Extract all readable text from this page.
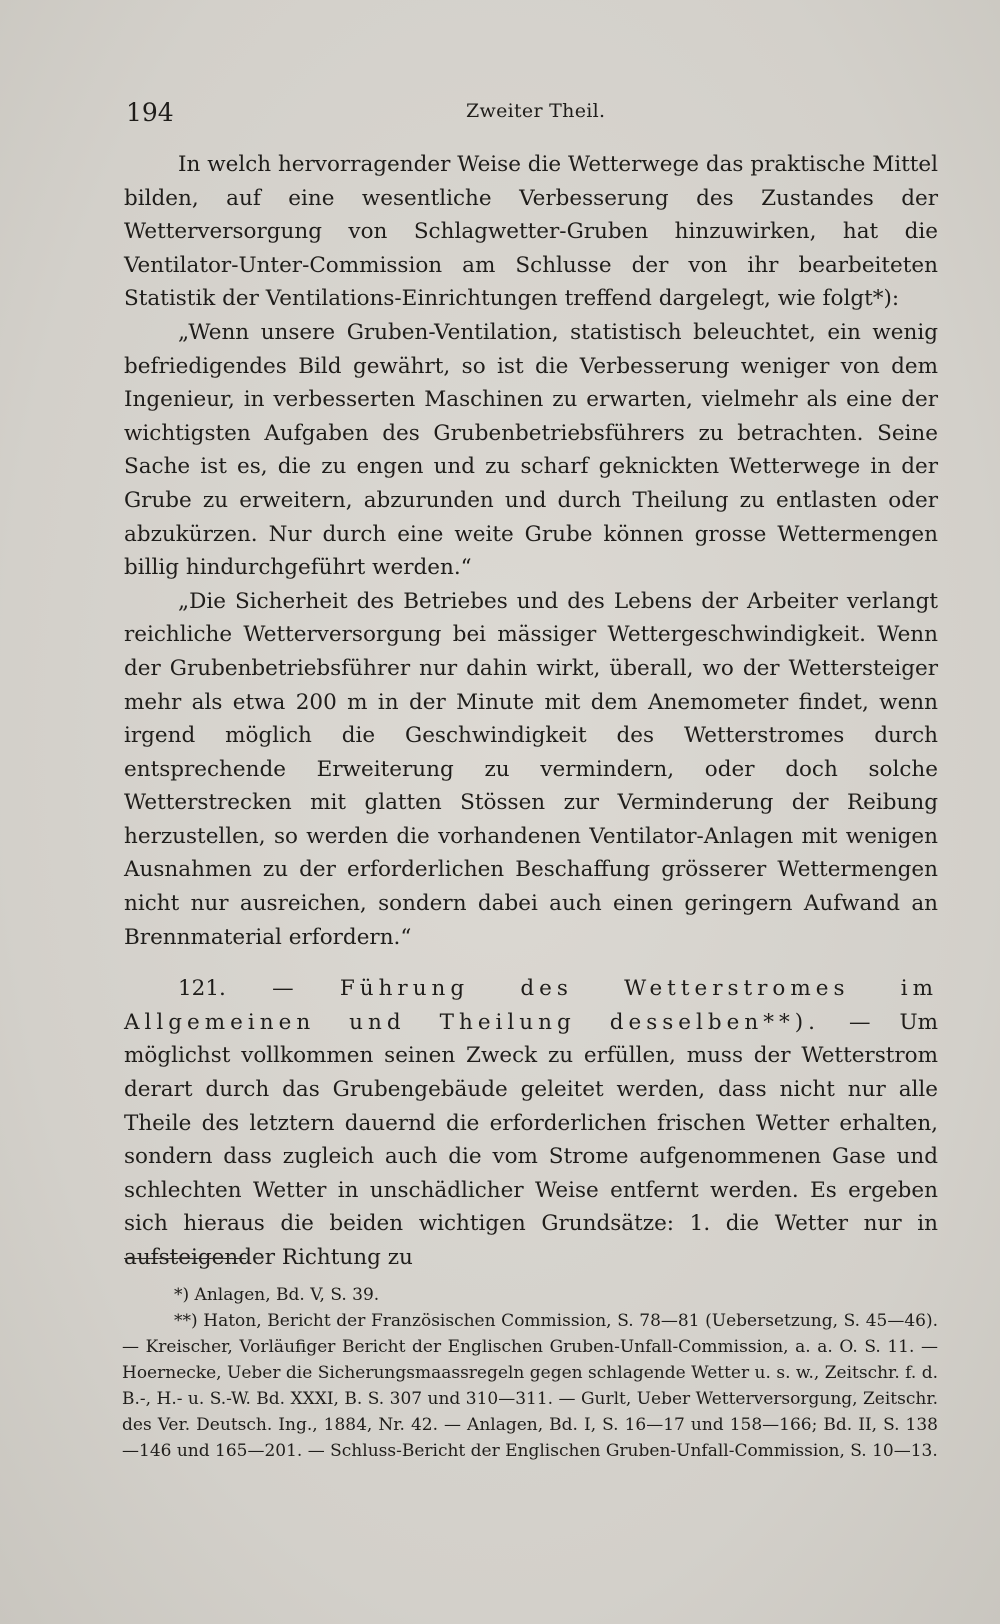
194	Zweiter Theil.

In welch hervorragender Weise die Wetterwege das praktische Mittel bilden, auf eine wesentliche Verbesserung des Zustandes der Wetterversorgung von Schlagwetter-Gruben hinzuwirken, hat die Ventilator-Unter-Commission am Schlusse der von ihr bearbeiteten Statistik der Ventilations-Einrichtungen treffend dargelegt, wie folgt*):

„Wenn unsere Gruben-Ventilation, statistisch beleuchtet, ein wenig befriedigendes Bild gewährt, so ist die Verbesserung weniger von dem Ingenieur, in verbesserten Maschinen zu erwarten, vielmehr als eine der wichtigsten Aufgaben des Grubenbetriebsführers zu betrachten. Seine Sache ist es, die zu engen und zu scharf geknickten Wetterwege in der Grube zu erweitern, abzurunden und durch Theilung zu entlasten oder abzukürzen. Nur durch eine weite Grube können grosse Wettermengen billig hindurchgeführt werden.“

„Die Sicherheit des Betriebes und des Lebens der Arbeiter verlangt reichliche Wetterversorgung bei mässiger Wettergeschwindigkeit. Wenn der Grubenbetriebsführer nur dahin wirkt, überall, wo der Wettersteiger mehr als etwa 200 m in der Minute mit dem Anemometer findet, wenn irgend möglich die Geschwindigkeit des Wetterstromes durch entsprechende Erweiterung zu vermindern, oder doch solche Wetterstrecken mit glatten Stössen zur Verminderung der Reibung herzustellen, so werden die vorhandenen Ventilator-Anlagen mit wenigen Ausnahmen zu der erforderlichen Beschaffung grösserer Wettermengen nicht nur ausreichen, sondern dabei auch einen geringern Aufwand an Brennmaterial erfordern.“

121. — Führung des Wetterstromes im Allgemeinen und Theilung desselben**). — Um möglichst vollkommen seinen Zweck zu erfüllen, muss der Wetterstrom derart durch das Grubengebäude geleitet werden, dass nicht nur alle Theile des letztern dauernd die erforderlichen frischen Wetter erhalten, sondern dass zugleich auch die vom Strome aufgenommenen Gase und schlechten Wetter in unschädlicher Weise entfernt werden. Es ergeben sich hieraus die beiden wichtigen Grundsätze: 1. die Wetter nur in aufsteigender Richtung zu

*) Anlagen, Bd. V, S. 39.

**) Haton, Bericht der Französischen Commission, S. 78—81 (Uebersetzung, S. 45—46). — Kreischer, Vorläufiger Bericht der Englischen Gruben-Unfall-Commission, a. a. O. S. 11. — Hoernecke, Ueber die Sicherungsmaassregeln gegen schlagende Wetter u. s. w., Zeitschr. f. d. B.-, H.- u. S.-W. Bd. XXXI, B. S. 307 und 310—311. — Gurlt, Ueber Wetterversorgung, Zeitschr. des Ver. Deutsch. Ing., 1884, Nr. 42. — Anlagen, Bd. I, S. 16—17 und 158—166; Bd. II, S. 138—146 und 165—201. — Schluss-Bericht der Englischen Gruben-Unfall-Commission, S. 10—13.
